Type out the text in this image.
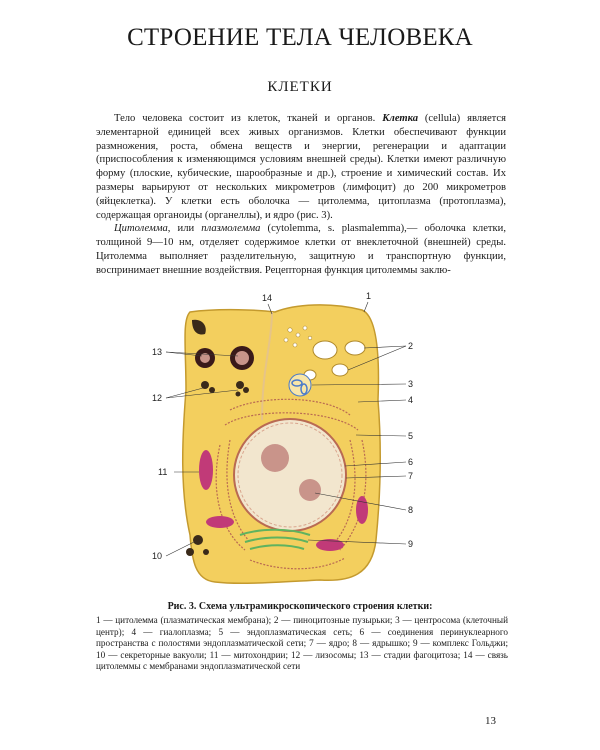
СТРОЕНИЕ ТЕЛА ЧЕЛОВЕКА
КЛЕТКИ

Тело человека состоит из клеток, тканей и органов. Клетка (cellula) является элементарной единицей всех живых организмов. Клетки обеспечивают функции размножения, роста, обмена веществ и энергии, регенерации и адаптации (приспособления к изменяющимся условиям внешней среды). Клетки имеют различную форму (плоские, кубические, шарообразные и др.), строение и химический состав. Их размеры варьируют от нескольких микрометров (лимфоцит) до 200 микрометров (яйцеклетка). У клетки есть оболочка — цитолемма, цитоплазма (протоплазма), содержащая органоиды (органеллы), и ядро (рис. 3).

Цитолемма, или плазмолемма (cytolemma, s. plasmalemma),— оболочка клетки, толщиной 9—10 нм, отделяет содержимое клетки от внеклеточной (внешней) среды. Цитолемма выполняет разделительную, защитную и транспортную функции, воспринимает внешние воздействия. Рецепторная функция цитолеммы заклю-

14	1
2
13
3
12	4
5
6
7
11
8
9
10
Рис. 3. Схема ультрамикроскопического строения клетки:
1 — цитолемма (плазматическая мембрана); 2 — пиноцитозные пузырьки; 3 — центросома (клеточный центр); 4 — гиалоплазма; 5 — эндоплазматическая сеть; 6 — соединения перинуклеарного пространства с полостями эндоплазматической сети; 7 — ядро; 8 — ядрышко; 9 — комплекс Гольджи; 10 — секреторные вакуоли; 11 — митохондрии; 12 — лизосомы; 13 — стадии фагоцитоза; 14 — связь цитолеммы с мембранами эндоплазматической сети
13
